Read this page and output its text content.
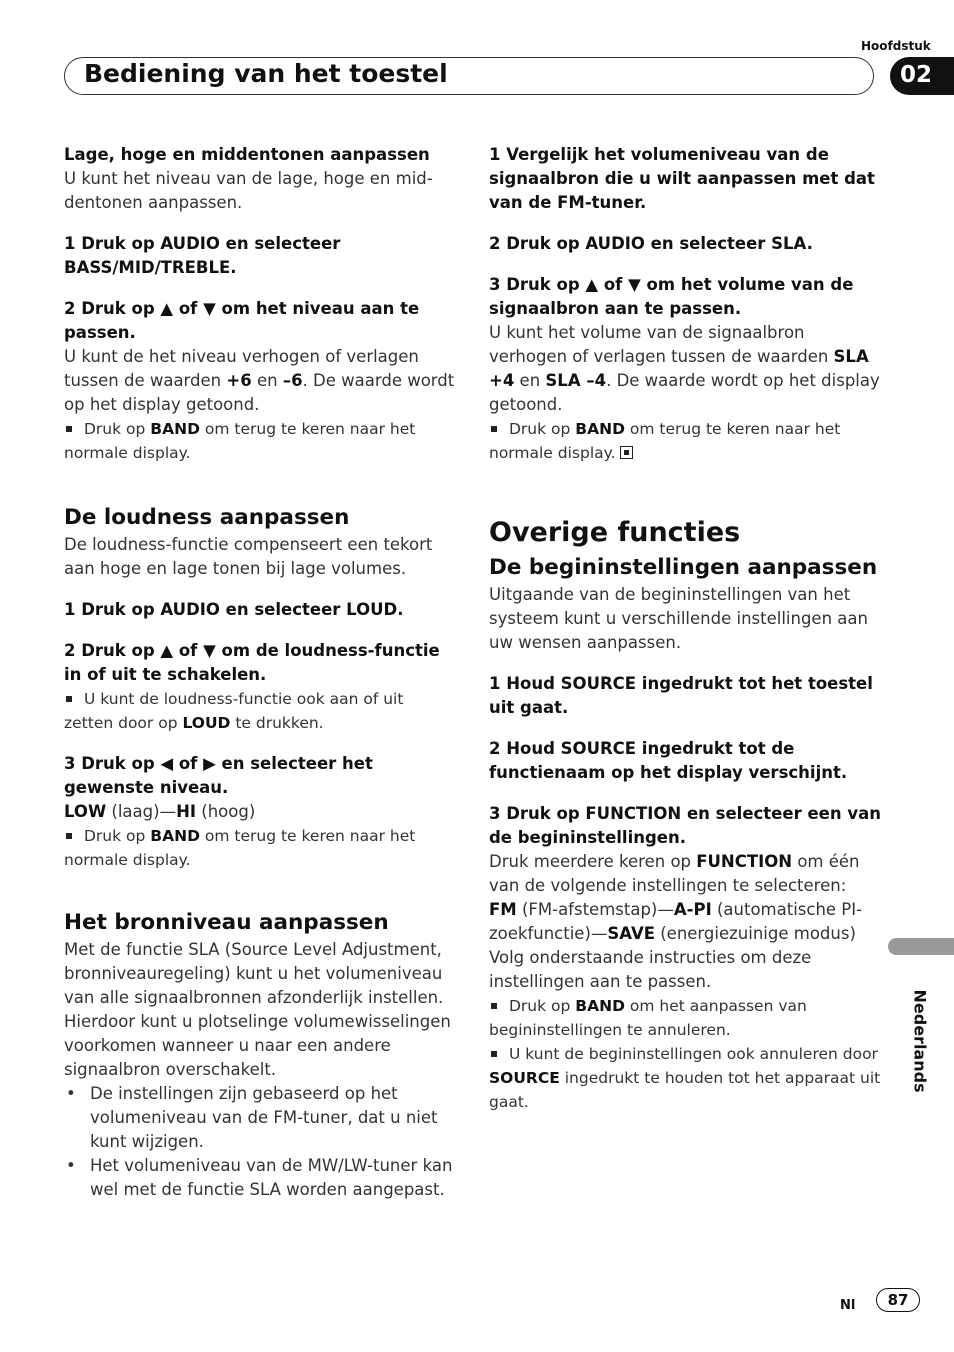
Hoofdstuk
Bediening van het toestel	02

Lage, hoge en middentonen aanpassen

U kunt het niveau van de lage, hoge en mid-dentonen aanpassen.

1 Druk op AUDIO en selecteer BASS/MID/TREBLE.

2 Druk op ▲ of ▼ om het niveau aan te passen.

U kunt de het niveau verhogen of verlagen tussen de waarden +6 en –6. De waarde wordt op het display getoond.

Druk op BAND om terug te keren naar het normale display.

De loudness aanpassen

De loudness-functie compenseert een tekort aan hoge en lage tonen bij lage volumes.

1 Druk op AUDIO en selecteer LOUD.

2 Druk op ▲ of ▼ om de loudness-functie in of uit te schakelen.

U kunt de loudness-functie ook aan of uit zetten door op LOUD te drukken.

3 Druk op ◀ of ▶ en selecteer het gewenste niveau.

LOW (laag)—HI (hoog)

Druk op BAND om terug te keren naar het normale display.

Het bronniveau aanpassen

Met de functie SLA (Source Level Adjustment, bronniveauregeling) kunt u het volumeniveau van alle signaalbronnen afzonderlijk instellen. Hierdoor kunt u plotselinge volumewisselingen voorkomen wanneer u naar een andere signaalbron overschakelt.

• De instellingen zijn gebaseerd op het volumeniveau van de FM-tuner, dat u niet kunt wijzigen.
• Het volumeniveau van de MW/LW-tuner kan wel met de functie SLA worden aangepast.

1 Vergelijk het volumeniveau van de signaalbron die u wilt aanpassen met dat van de FM-tuner.

2 Druk op AUDIO en selecteer SLA.

3 Druk op ▲ of ▼ om het volume van de signaalbron aan te passen.

U kunt het volume van de signaalbron verhogen of verlagen tussen de waarden SLA +4 en SLA –4. De waarde wordt op het display getoond.

Druk op BAND om terug te keren naar het normale display.

Overige functies
De begininstellingen aanpassen

Uitgaande van de begininstellingen van het systeem kunt u verschillende instellingen aan uw wensen aanpassen.

1 Houd SOURCE ingedrukt tot het toestel uit gaat.

2 Houd SOURCE ingedrukt tot de functienaam op het display verschijnt.

3 Druk op FUNCTION en selecteer een van de begininstellingen.

Druk meerdere keren op FUNCTION om één van de volgende instellingen te selecteren:

FM (FM-afstemstap)—A-PI (automatische PI-zoekfunctie)—SAVE (energiezuinige modus)

Volg onderstaande instructies om deze instellingen aan te passen.

Druk op BAND om het aanpassen van begininstellingen te annuleren.

U kunt de begininstellingen ook annuleren door SOURCE ingedrukt te houden tot het apparaat uit gaat.

Nederlands
Nl	87
